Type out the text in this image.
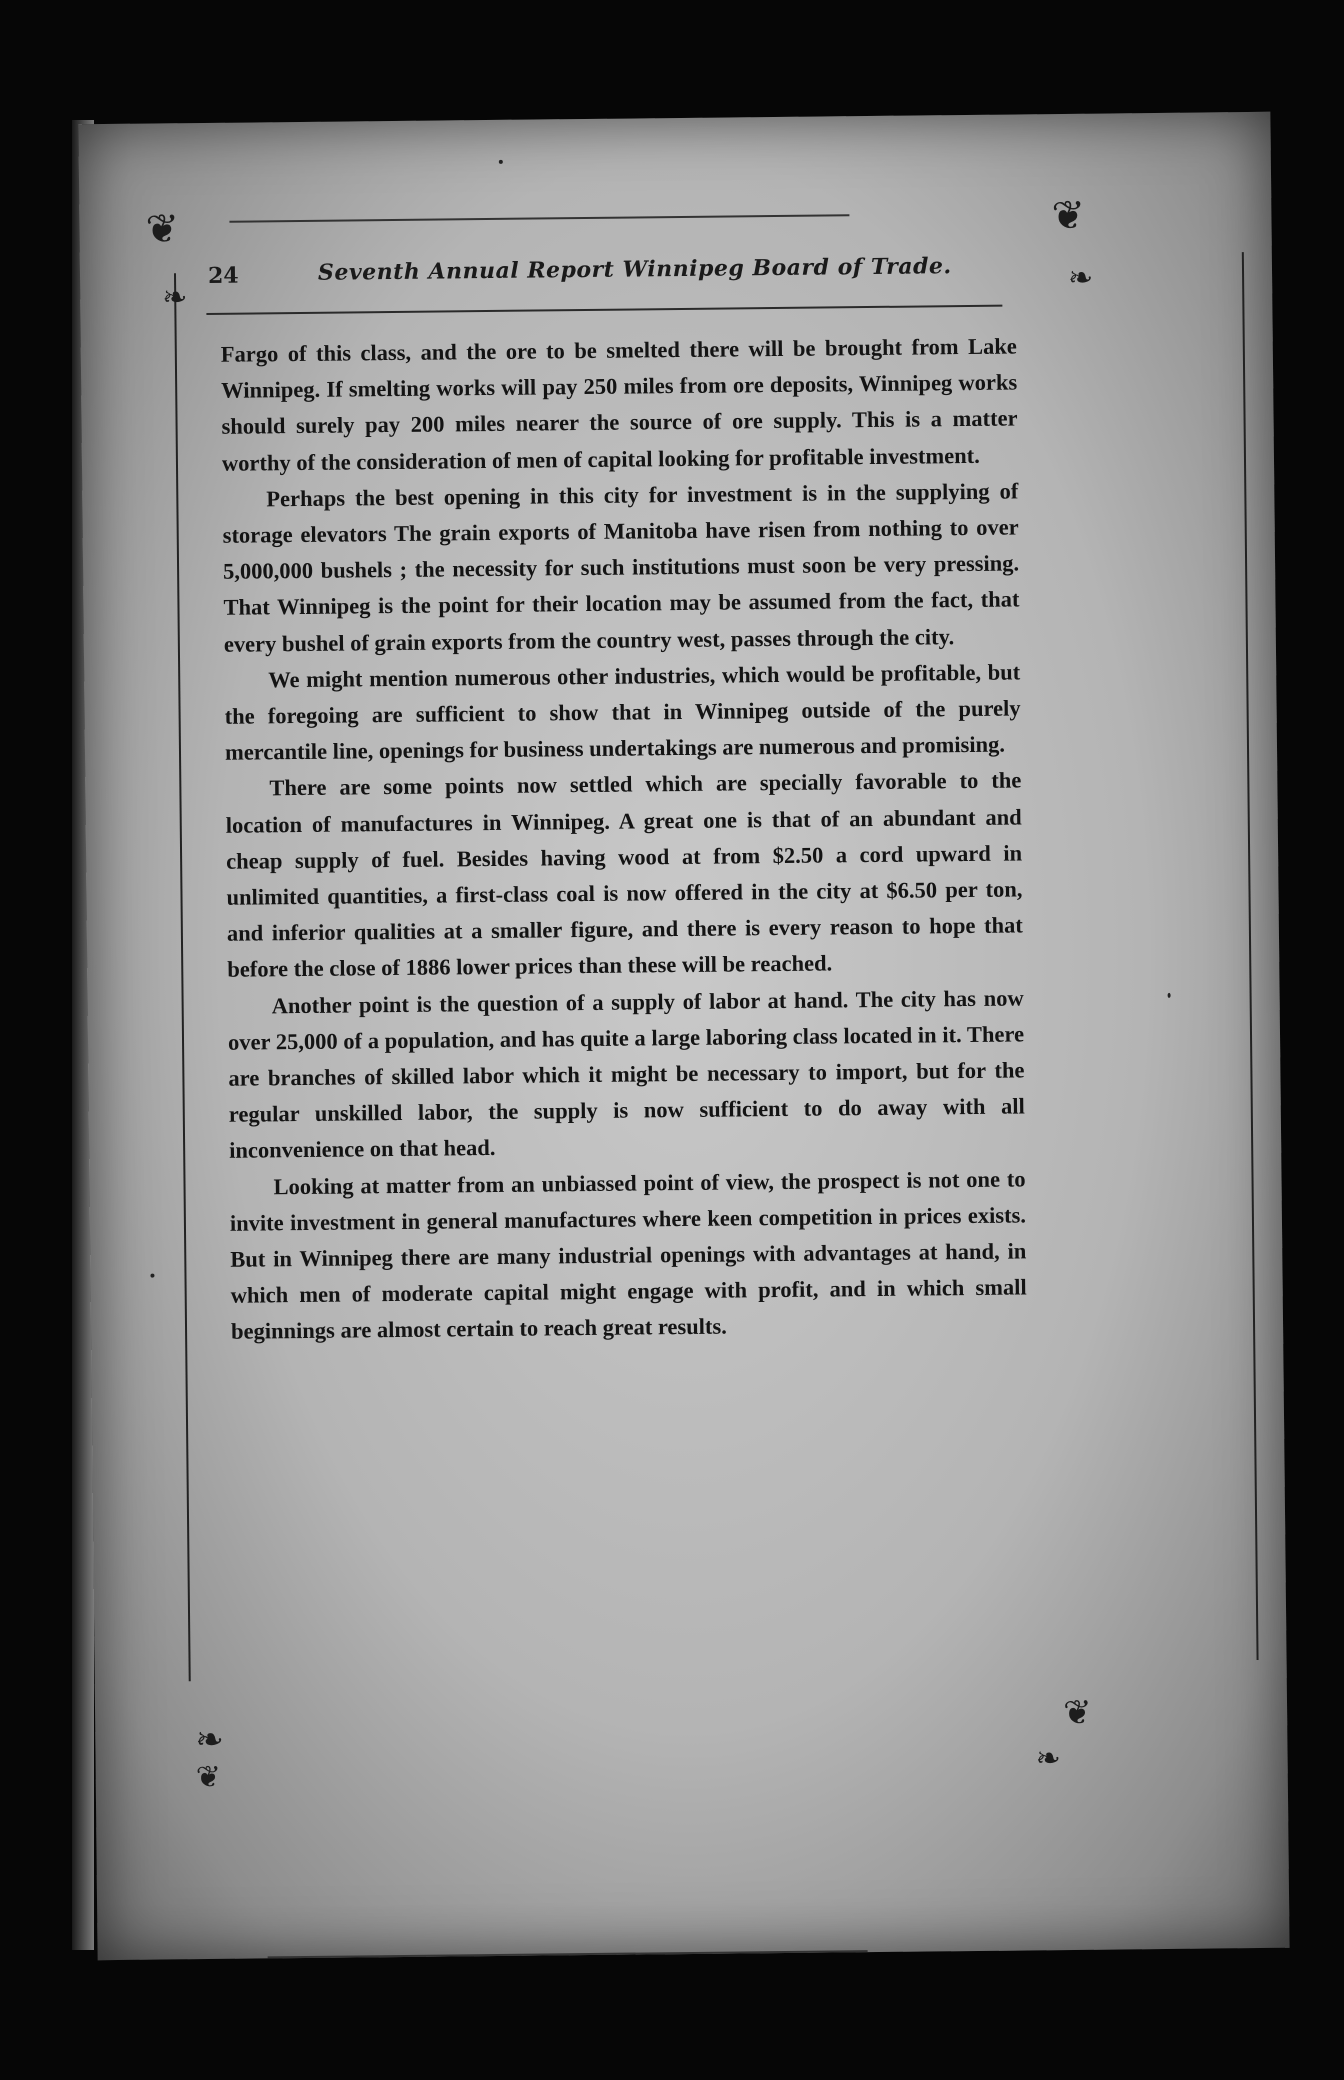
❦
❧
❦
❧
❧
❦
❦
❧
24	Seventh Annual Report Winnipeg Board of Trade.

Fargo of this class, and the ore to be smelted there will be brought from Lake Winnipeg. If smelting works will pay 250 miles from ore deposits, Winnipeg works should surely pay 200 miles nearer the source of ore supply. This is a matter worthy of the consideration of men of capital looking for profitable investment.

Perhaps the best opening in this city for investment is in the supplying of storage elevators The grain exports of Manitoba have risen from nothing to over 5,000,000 bushels ; the necessity for such institutions must soon be very pressing. That Winnipeg is the point for their location may be assumed from the fact, that every bushel of grain exports from the country west, passes through the city.

We might mention numerous other industries, which would be profitable, but the foregoing are sufficient to show that in Winnipeg outside of the purely mercantile line, openings for business undertakings are numerous and promising.

There are some points now settled which are specially favorable to the location of manufactures in Winnipeg. A great one is that of an abundant and cheap supply of fuel. Besides having wood at from $2.50 a cord upward in unlimited quantities, a first-class coal is now offered in the city at $6.50 per ton, and inferior qualities at a smaller figure, and there is every reason to hope that before the close of 1886 lower prices than these will be reached.

Another point is the question of a supply of labor at hand. The city has now over 25,000 of a population, and has quite a large laboring class located in it. There are branches of skilled labor which it might be necessary to import, but for the regular unskilled labor, the supply is now sufficient to do away with all inconvenience on that head.

Looking at matter from an unbiassed point of view, the prospect is not one to invite investment in general manufactures where keen competition in prices exists. But in Winnipeg there are many industrial openings with advantages at hand, in which men of moderate capital might engage with profit, and in which small beginnings are almost certain to reach great results.
